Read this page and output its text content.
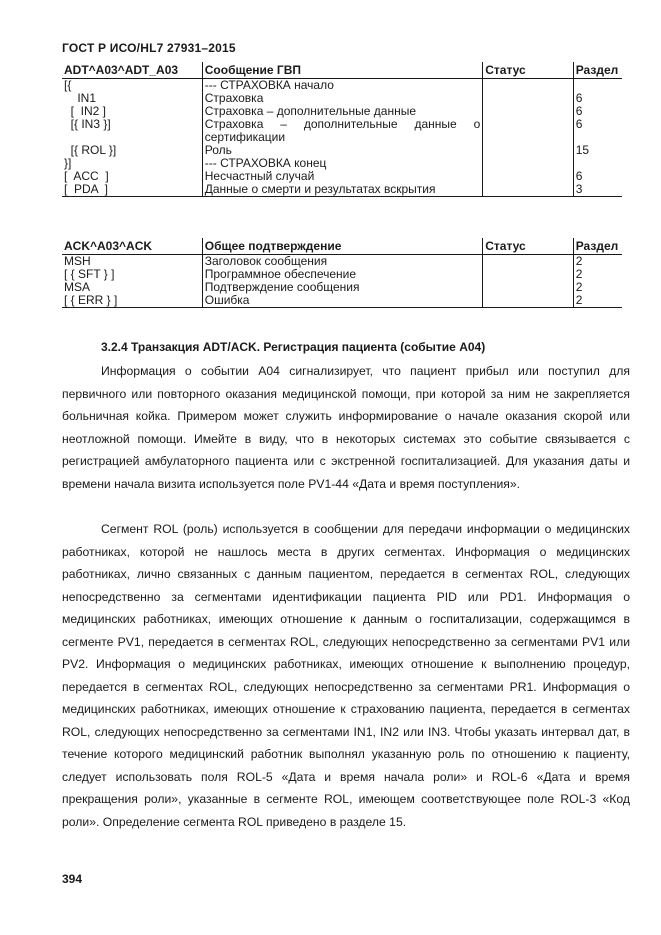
ГОСТ Р ИСО/HL7 27931–2015
ADT^A03^ADT_A03	Сообщение ГВП	Статус	Раздел
[{	--- СТРАХОВКА начало		
IN1	Страховка		6
[  IN2 ]	Страховка – дополнительные данные		6
[{ IN3 }]	Страховка – дополнительные данные о сертификации		6
[{ ROL }]	Роль		15
}]	--- СТРАХОВКА конец		
[  ACC  ]	Несчастный случай		6
[  PDA  ]	Данные о смерти и результатах вскрытия		3
ACK^A03^ACK	Общее подтверждение	Статус	Раздел
MSH	Заголовок сообщения		2
[ { SFT } ]	Программное обеспечение		2
MSA	Подтверждение сообщения		2
[ { ERR } ]	Ошибка		2
3.2.4 Транзакция ADT/ACK. Регистрация пациента (событие A04)

Информация о событии A04 сигнализирует, что пациент прибыл или поступил для первичного или повторного оказания медицинской помощи, при которой за ним не закрепляется больничная койка. Примером может служить информирование о начале оказания скорой или неотложной помощи. Имейте в виду, что в некоторых системах это событие связывается с регистрацией амбулаторного пациента или с экстренной госпитализацией. Для указания даты и времени начала визита используется поле PV1-44 «Дата и время поступления».

Сегмент ROL (роль) используется в сообщении для передачи информации о медицинских работниках, которой не нашлось места в других сегментах. Информация о медицинских работниках, лично связанных с данным пациентом, передается в сегментах ROL, следующих непосредственно за сегментами идентификации пациента PID или PD1. Информация о медицинских работниках, имеющих отношение к данным о госпитализации, содержащимся в сегменте PV1, передается в сегментах ROL, следующих непосредственно за сегментами PV1 или PV2. Информация о медицинских работниках, имеющих отношение к выполнению процедур, передается в сегментах ROL, следующих непосредственно за сегментами PR1. Информация о медицинских работниках, имеющих отношение к страхованию пациента, передается в сегментах ROL, следующих непосредственно за сегментами IN1, IN2 или IN3. Чтобы указать интервал дат, в течение которого медицинский работник выполнял указанную роль по отношению к пациенту, следует использовать поля ROL-5 «Дата и время начала роли» и ROL-6 «Дата и время прекращения роли», указанные в сегменте ROL, имеющем соответствующее поле ROL-3 «Код роли». Определение сегмента ROL приведено в разделе 15.

394
